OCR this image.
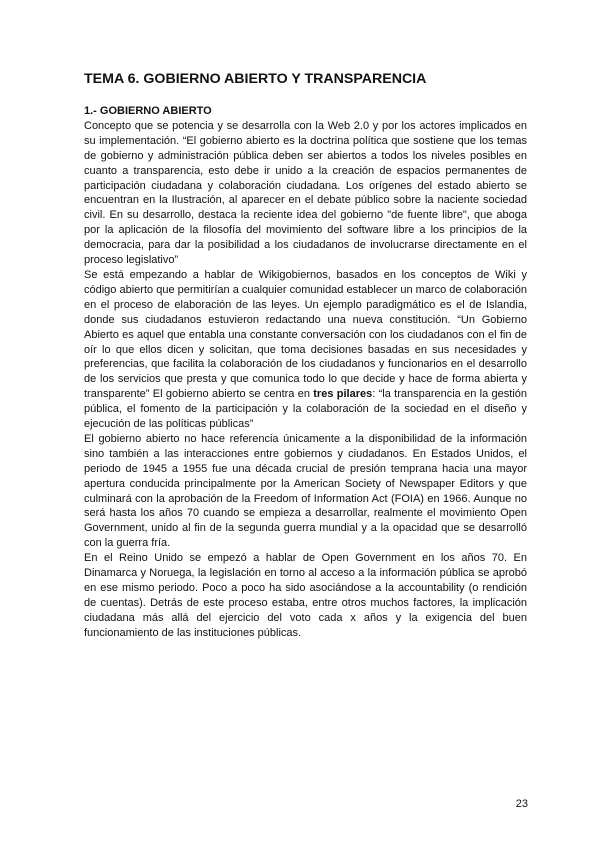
TEMA 6. GOBIERNO ABIERTO Y TRANSPARENCIA

1.- GOBIERNO ABIERTO

Concepto que se potencia y se desarrolla con la Web 2.0 y por los actores implicados en su implementación. “El gobierno abierto es la doctrina política que sostiene que los temas de gobierno y administración pública deben ser abiertos a todos los niveles posibles en cuanto a transparencia, esto debe ir unido a la creación de espacios permanentes de participación ciudadana y colaboración ciudadana. Los orígenes del estado abierto se encuentran en la Ilustración, al aparecer en el debate público sobre la naciente sociedad civil. En su desarrollo, destaca la reciente idea del gobierno "de fuente libre", que aboga por la aplicación de la filosofía del movimiento del software libre a los principios de la democracia, para dar la posibilidad a los ciudadanos de involucrarse directamente en el proceso legislativo”

Se está empezando a hablar de Wikigobiernos, basados en los conceptos de Wiki y código abierto que permitirían a cualquier comunidad establecer un marco de colaboración en el proceso de elaboración de las leyes. Un ejemplo paradigmático es el de Islandia, donde sus ciudadanos estuvieron redactando una nueva constitución. “Un Gobierno Abierto es aquel que entabla una constante conversación con los ciudadanos con el fin de oír lo que ellos dicen y solicitan, que toma decisiones basadas en sus necesidades y preferencias, que facilita la colaboración de los ciudadanos y funcionarios en el desarrollo de los servicios que presta y que comunica todo lo que decide y hace de forma abierta y transparente” El gobierno abierto se centra en tres pilares: “la transparencia en la gestión pública, el fomento de la participación y la colaboración de la sociedad en el diseño y ejecución de las políticas públicas”

El gobierno abierto no hace referencia únicamente a la disponibilidad de la información sino también a las interacciones entre gobiernos y ciudadanos. En Estados Unidos, el periodo de 1945 a 1955 fue una década crucial de presión temprana hacia una mayor apertura conducida principalmente por la American Society of Newspaper Editors y que culminará con la aprobación de la Freedom of Information Act (FOIA) en 1966. Aunque no será hasta los años 70 cuando se empieza a desarrollar, realmente el movimiento Open Government, unido al fin de la segunda guerra mundial y a la opacidad que se desarrolló con la guerra fría.

En el Reino Unido se empezó a hablar de Open Government en los años 70. En Dinamarca y Noruega, la legislación en torno al acceso a la información pública se aprobó en ese mismo periodo. Poco a poco ha sido asociándose a la accountability (o rendición de cuentas). Detrás de este proceso estaba, entre otros muchos factores, la implicación ciudadana más allá del ejercicio del voto cada x años y la exigencia del buen funcionamiento de las instituciones públicas.

23
